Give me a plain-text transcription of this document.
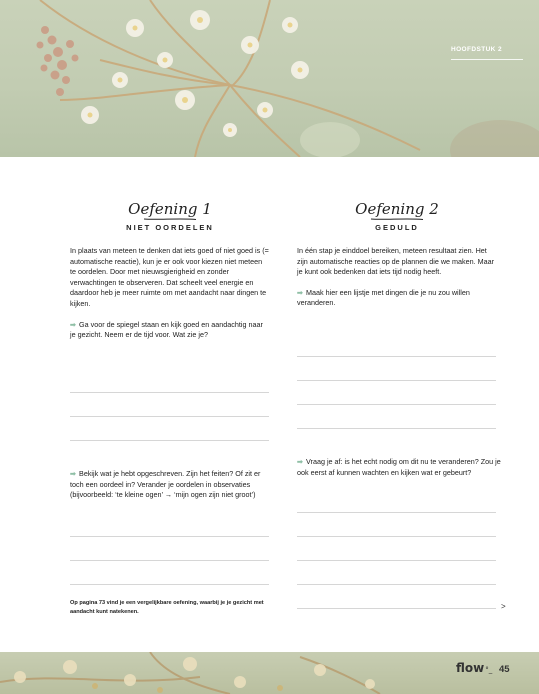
HOOFDSTUK 2
Oefening 1
NIET OORDELEN
In plaats van meteen te denken dat iets goed of niet goed is (= automatische reactie), kun je er ook voor kiezen niet meteen te oordelen. Door met nieuwsgierigheid en zonder verwachtingen te observeren. Dat scheelt veel energie en daardoor heb je meer ruimte om met aandacht naar dingen te kijken.
➡ Ga voor de spiegel staan en kijk goed en aandachtig naar je gezicht. Neem er de tijd voor. Wat zie je?
➡ Bekijk wat je hebt opgeschreven. Zijn het feiten? Of zit er toch een oordeel in? Verander je oordelen in observaties (bijvoorbeeld: ‘te kleine ogen’ → ‘mijn ogen zijn niet groot’)
Oefening 2
GEDULD
In één stap je einddoel bereiken, meteen resultaat zien. Het zijn automatische reacties op de plannen die we maken. Maar je kunt ook bedenken dat iets tijd nodig heeft.
➡ Maak hier een lijstje met dingen die je nu zou willen veranderen.
➡ Vraag je af: is het echt nodig om dit nu te veranderen? Zou je ook eerst af kunnen wachten en kijken wat er gebeurt?
>
Op pagina 73 vind je een vergelijkbare oefening, waarbij je je gezicht met aandacht kunt natekenen.
flow °_	45
